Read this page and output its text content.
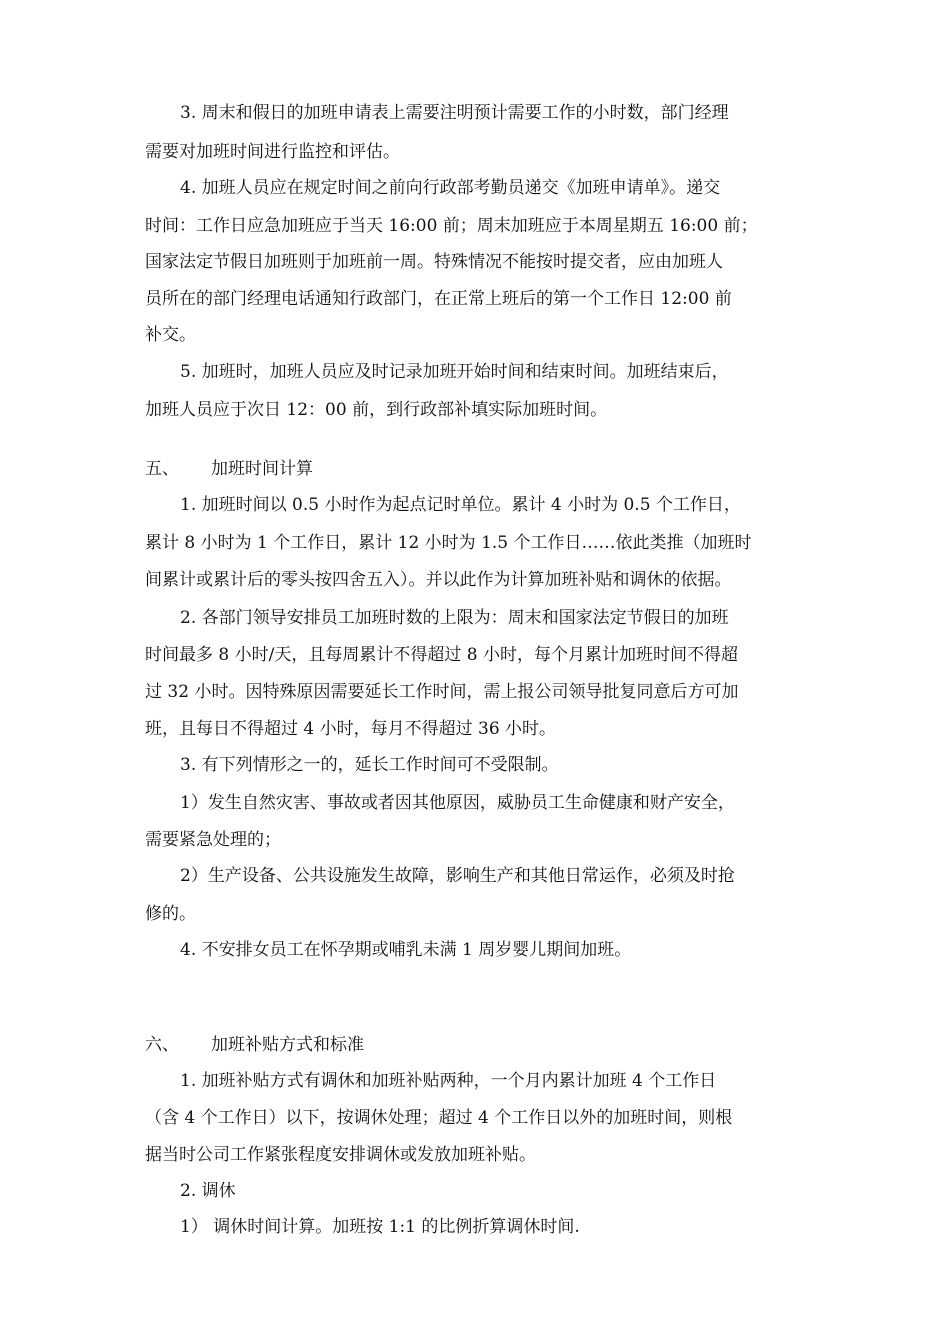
3. 周末和假日的加班申请表上需要注明预计需要工作的小时数，部门经理

需要对加班时间进行监控和评估。

4. 加班人员应在规定时间之前向行政部考勤员递交《加班申请单》。递交

时间：工作日应急加班应于当天 16:00 前；周末加班应于本周星期五 16:00 前；

国家法定节假日加班则于加班前一周。特殊情况不能按时提交者，应由加班人

员所在的部门经理电话通知行政部门，在正常上班后的第一个工作日 12:00 前

补交。

5. 加班时，加班人员应及时记录加班开始时间和结束时间。加班结束后，

加班人员应于次日 12：00 前，到行政部补填实际加班时间。

五、 加班时间计算

1. 加班时间以 0.5 小时作为起点记时单位。累计 4 小时为 0.5 个工作日，

累计 8 小时为 1 个工作日，累计 12 小时为 1.5 个工作日……依此类推（加班时

间累计或累计后的零头按四舍五入）。并以此作为计算加班补贴和调休的依据。

2. 各部门领导安排员工加班时数的上限为：周末和国家法定节假日的加班

时间最多 8 小时/天，且每周累计不得超过 8 小时，每个月累计加班时间不得超

过 32 小时。因特殊原因需要延长工作时间，需上报公司领导批复同意后方可加

班，且每日不得超过 4 小时，每月不得超过 36 小时。

3. 有下列情形之一的，延长工作时间可不受限制。

1）发生自然灾害、事故或者因其他原因，威胁员工生命健康和财产安全，

需要紧急处理的；

2）生产设备、公共设施发生故障，影响生产和其他日常运作，必须及时抢

修的。

4. 不安排女员工在怀孕期或哺乳未满 1 周岁婴儿期间加班。

六、 加班补贴方式和标准

1. 加班补贴方式有调休和加班补贴两种，一个月内累计加班 4 个工作日

（含 4 个工作日）以下，按调休处理；超过 4 个工作日以外的加班时间，则根

据当时公司工作紧张程度安排调休或发放加班补贴。

2. 调休

1） 调休时间计算。加班按 1:1 的比例折算调休时间.
